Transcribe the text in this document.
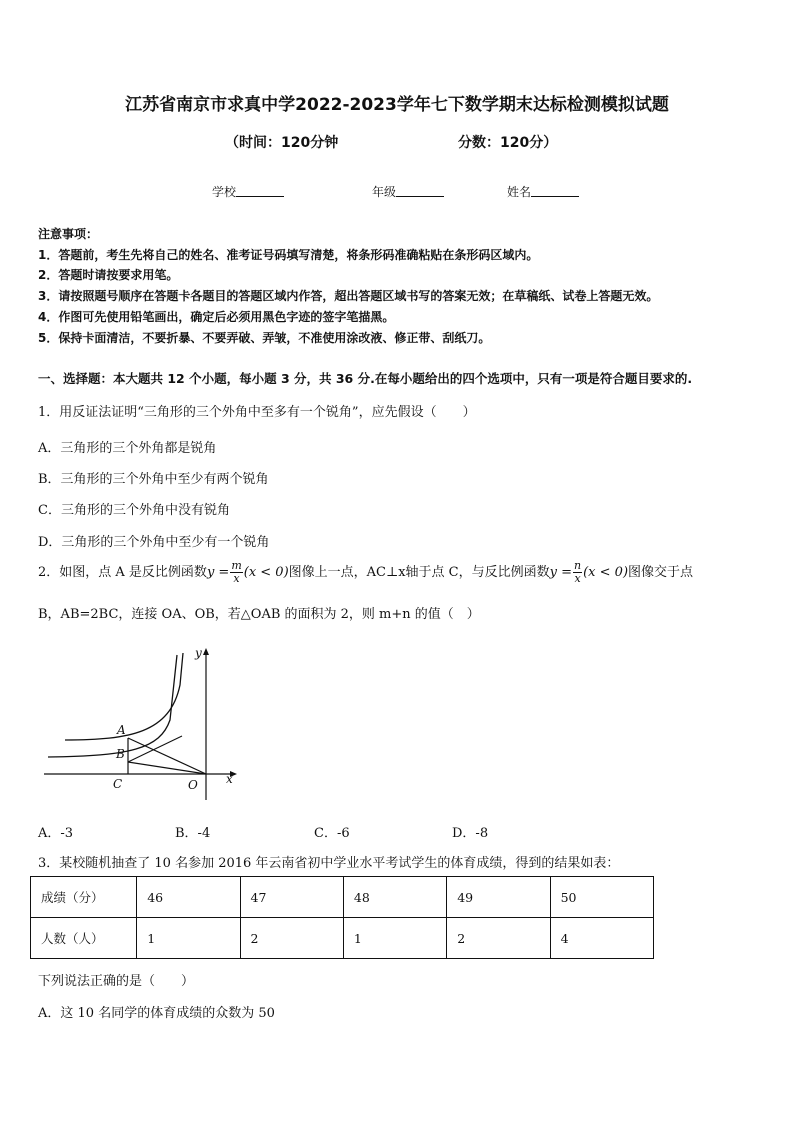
江苏省南京市求真中学2022-2023学年七下数学期末达标检测模拟试题
（时间：120分钟	分数：120分）
学校	年级	姓名
注意事项：
1．答题前，考生先将自己的姓名、准考证号码填写清楚，将条形码准确粘贴在条形码区域内。
2．答题时请按要求用笔。
3．请按照题号顺序在答题卡各题目的答题区域内作答，超出答题区域书写的答案无效；在草稿纸、试卷上答题无效。
4．作图可先使用铅笔画出，确定后必须用黑色字迹的签字笔描黑。
5．保持卡面清洁，不要折暴、不要弄破、弄皱，不准使用涂改液、修正带、刮纸刀。
一、选择题：本大题共 12 个小题，每小题 3 分，共 36 分.在每小题给出的四个选项中，只有一项是符合题目要求的.
1．用反证法证明“三角形的三个外角中至多有一个锐角”，应先假设（　　）
A．三角形的三个外角都是锐角
B．三角形的三个外角中至少有两个锐角
C．三角形的三个外角中没有锐角
D．三角形的三个外角中至少有一个锐角
2．如图，点 A 是反比例函数$y = \frac{m}{x} (x < 0)$图像上一点，AC⊥x轴于点 C，与反比例函数$y = \frac{n}{x} (x < 0)$图像交于点
B，AB=2BC，连接 OA、OB，若△OAB 的面积为 2，则 m+n 的值（　）
A
B
C	O x
y
A．-3	B．-4	C．-6	D．-8
3．某校随机抽查了 10 名参加 2016 年云南省初中学业水平考试学生的体育成绩，得到的结果如表：
成绩（分）	46	47	48	49	50
人数（人）	1	2	1	2	4
下列说法正确的是（　　）
A．这 10 名同学的体育成绩的众数为 50
